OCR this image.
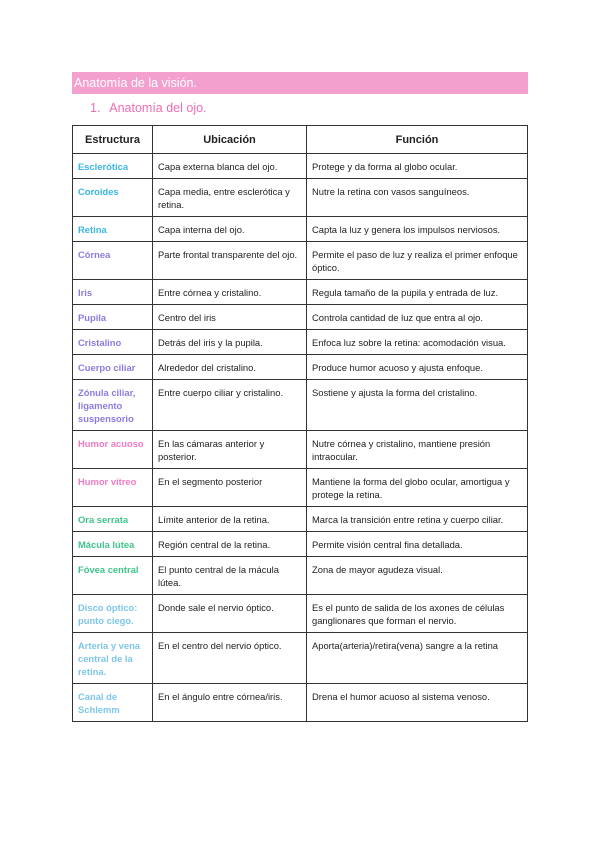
Anatomía de la visión.
1. Anatomía del ojo.
Estructura	Ubicación	Función
Esclerótica	Capa externa blanca del ojo.	Protege y da forma al globo ocular.
Coroides	Capa media, entre esclerótica y retina.	Nutre la retina con vasos sanguíneos.
Retina	Capa interna del ojo.	Capta la luz y genera los impulsos nerviosos.
Córnea	Parte frontal transparente del ojo.	Permite el paso de luz y realiza el primer enfoque óptico.
Iris	Entre córnea y cristalino.	Regula tamaño de la pupila y entrada de luz.
Pupila	Centro del iris	Controla cantidad de luz que entra al ojo.
Cristalino	Detrás del iris y la pupila.	Enfoca luz sobre la retina: acomodación visua.
Cuerpo ciliar	Alrededor del cristalino.	Produce humor acuoso y ajusta enfoque.
Zónula ciliar, ligamento suspensorio	Entre cuerpo ciliar y cristalino.	Sostiene y ajusta la forma del cristalino.
Humor acuoso	En las cámaras anterior y posterior.	Nutre córnea y cristalino, mantiene presión intraocular.
Humor vítreo	En el segmento posterior	Mantiene la forma del globo ocular, amortigua y protege la retina.
Ora serrata	Límite anterior de la retina.	Marca la transición entre retina y cuerpo ciliar.
Mácula lútea	Región central de la retina.	Permite visión central fina detallada.
Fóvea central	El punto central de la mácula lútea.	Zona de mayor agudeza visual.
Disco óptico: punto ciego.	Donde sale el nervio óptico.	Es el punto de salida de los axones de células ganglionares que forman el nervio.
Arteria y vena central de la retina.	En el centro del nervio óptico.	Aporta(arteria)/retira(vena) sangre a la retina
Canal de Schlemm	En el ángulo entre córnea/iris.	Drena el humor acuoso al sistema venoso.
